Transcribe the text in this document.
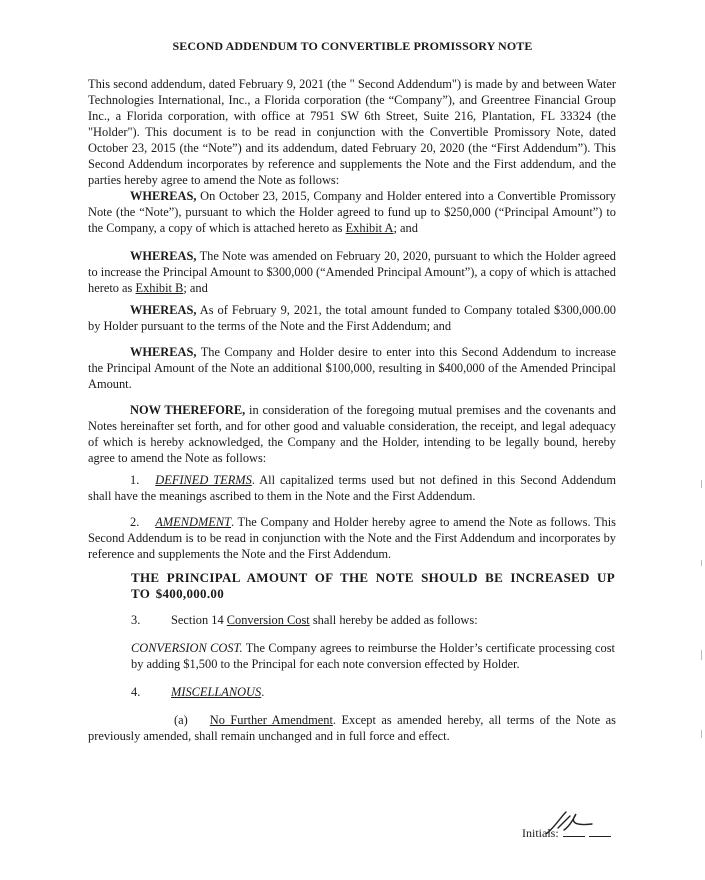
SECOND ADDENDUM TO CONVERTIBLE PROMISSORY NOTE

This second addendum, dated February 9, 2021 (the " Second Addendum") is made by and between Water Technologies International, Inc., a Florida corporation (the “Company”), and Greentree Financial Group Inc., a Florida corporation, with office at 7951 SW 6th Street, Suite 216, Plantation, FL 33324 (the "Holder"). This document is to be read in conjunction with the Convertible Promissory Note, dated October 23, 2015 (the “Note”) and its addendum, dated February 20, 2020 (the “First Addendum”). This Second Addendum incorporates by reference and supplements the Note and the First addendum, and the parties hereby agree to amend the Note as follows:

WHEREAS, On October 23, 2015, Company and Holder entered into a Convertible Promissory Note (the “Note”), pursuant to which the Holder agreed to fund up to $250,000 (“Principal Amount”) to the Company, a copy of which is attached hereto as Exhibit A; and

WHEREAS, The Note was amended on February 20, 2020, pursuant to which the Holder agreed to increase the Principal Amount to $300,000 (“Amended Principal Amount”), a copy of which is attached hereto as Exhibit B; and

WHEREAS, As of February 9, 2021, the total amount funded to Company totaled $300,000.00 by Holder pursuant to the terms of the Note and the First Addendum; and

WHEREAS, The Company and Holder desire to enter into this Second Addendum to increase the Principal Amount of the Note an additional $100,000, resulting in $400,000 of the Amended Principal Amount.

NOW THEREFORE, in consideration of the foregoing mutual premises and the covenants and Notes hereinafter set forth, and for other good and valuable consideration, the receipt, and legal adequacy of which is hereby acknowledged, the Company and the Holder, intending to be legally bound, hereby agree to amend the Note as follows:

1. DEFINED TERMS. All capitalized terms used but not defined in this Second Addendum shall have the meanings ascribed to them in the Note and the First Addendum.

2. AMENDMENT. The Company and Holder hereby agree to amend the Note as follows. This Second Addendum is to be read in conjunction with the Note and the First Addendum and incorporates by reference and supplements the Note and the First Addendum.

THE PRINCIPAL AMOUNT OF THE NOTE SHOULD BE INCREASED UP TO $400,000.00
3. Section 14 Conversion Cost shall hereby be added as follows:

CONVERSION COST. The Company agrees to reimburse the Holder’s certificate processing cost by adding $1,500 to the Principal for each note conversion effected by Holder.

4. MISCELLANOUS.

(a) No Further Amendment. Except as amended hereby, all terms of the Note as previously amended, shall remain unchanged and in full force and effect.

Initials:
